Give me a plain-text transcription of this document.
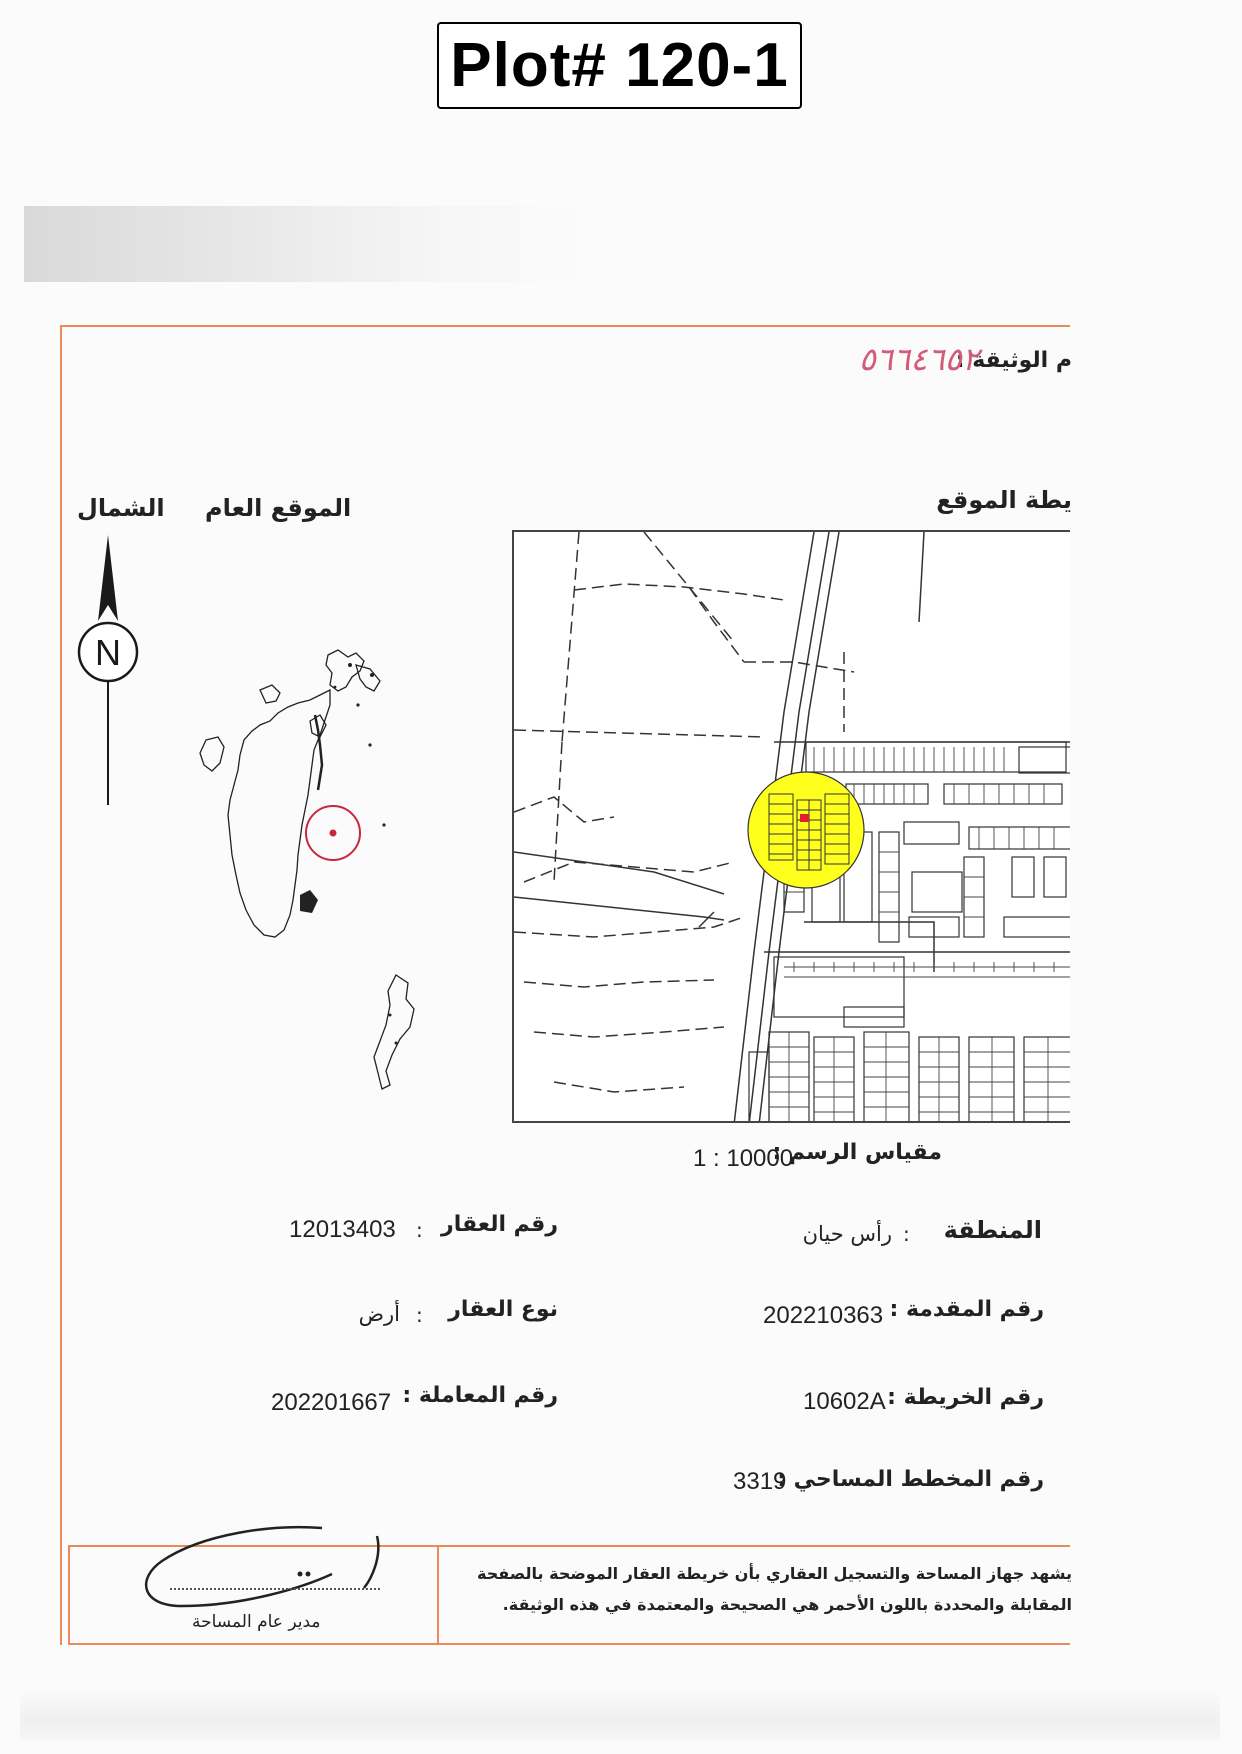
Plot# 120-1
م الوثيقة :
٥٦٦٤٦٥٢
يطة الموقع
الموقع العام
الشمال
N
مقياس الرسم :
1 : 10000
المنطقة
:
رأس حيان
رقم المقدمة :
202210363
رقم الخريطة :
10602A
رقم المخطط المساحي :
3319
رقم العقار
:
12013403
نوع العقار
:
أرض
رقم المعاملة :
202201667
يشهد جهاز المساحة والتسجيل العقاري بأن خريطة العقار الموضحة بالصفحة
المقابلة والمحددة باللون الأحمر هي الصحيحة والمعتمدة في هذه الوثيقة.
مدير عام المساحة
